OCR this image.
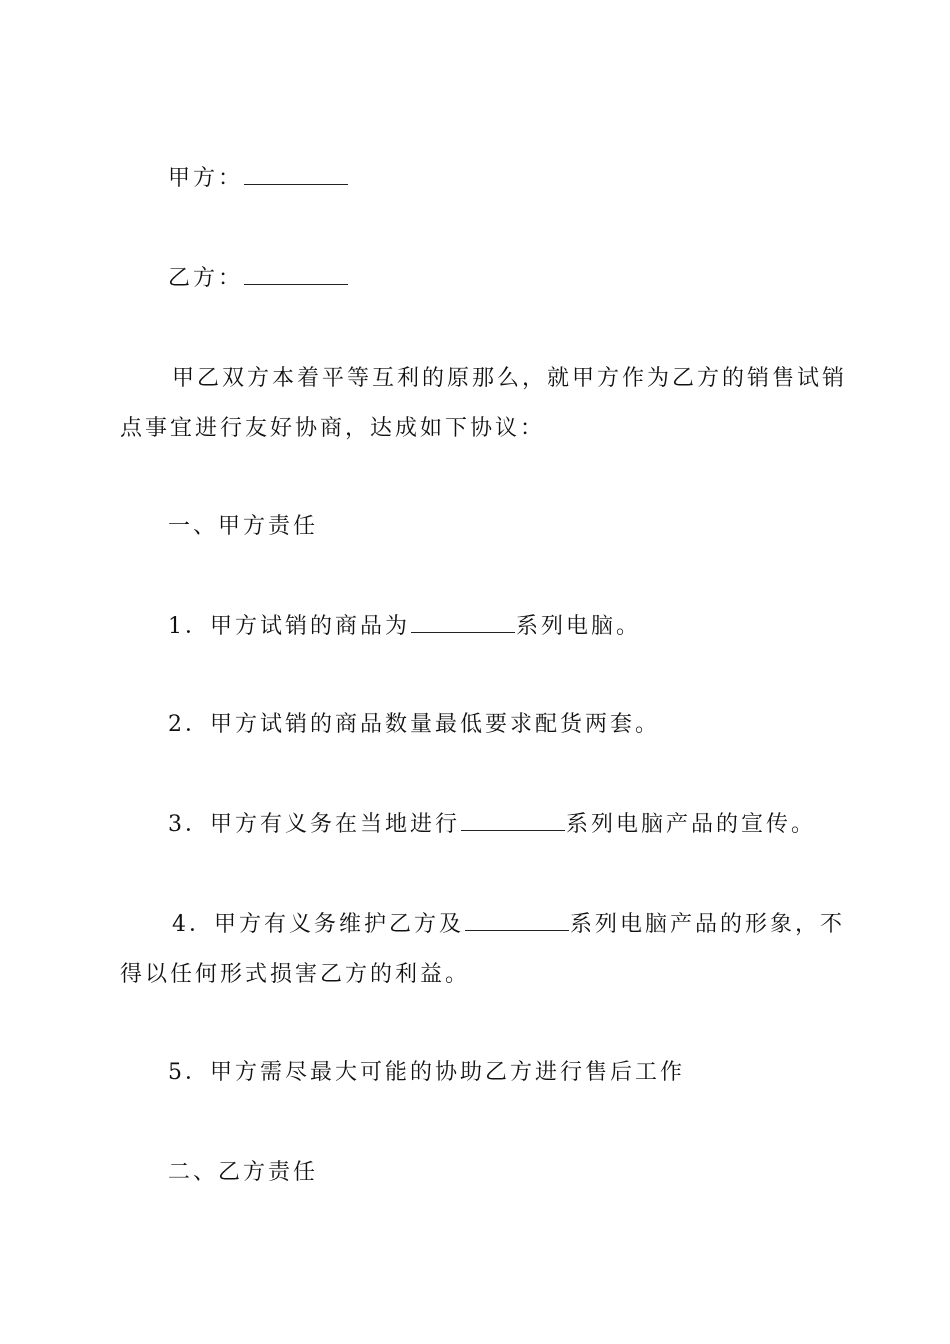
甲方：
乙方：
甲乙双方本着平等互利的原那么，就甲方作为乙方的销售试销
点事宜进行友好协商，达成如下协议：
一、甲方责任
1．甲方试销的商品为	系列电脑。
2．甲方试销的商品数量最低要求配货两套。
3．甲方有义务在当地进行	系列电脑产品的宣传。
4．甲方有义务维护乙方及	系列电脑产品的形象，不
得以任何形式损害乙方的利益。
5．甲方需尽最大可能的协助乙方进行售后工作
二、乙方责任
